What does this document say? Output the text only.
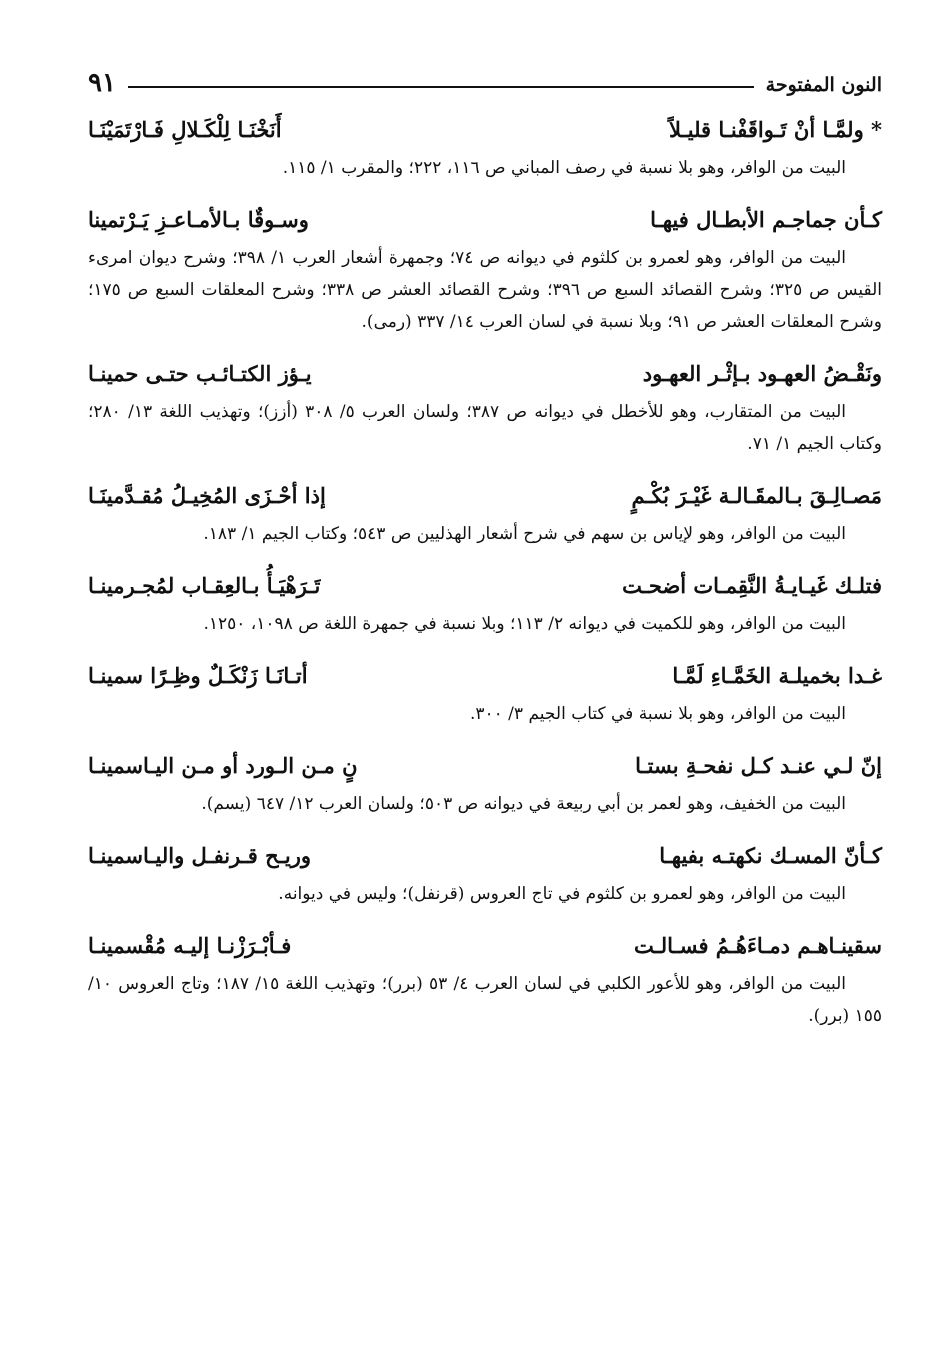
النون المفتوحة
٩١
* ولمَّـا أنْ تَـواقَفْنـا قليـلاً
أَنَخْنَـا لِلْكَـلالِ فَـارْتَمَيْنَـا
البيت من الوافر، وهو بلا نسبة في رصف المباني ص ١١٦، ٢٢٢؛ والمقرب ١/ ١١٥.
كـأن جماجـم الأبطـال فيهـا
وسـوقٌا بـالأمـاعـزِ يَـرْتمينا
البيت من الوافر، وهو لعمرو بن كلثوم في ديوانه ص ٧٤؛ وجمهرة أشعار العرب ١/ ٣٩٨؛ وشرح ديوان امرىء القيس ص ٣٢٥؛ وشرح القصائد السبع ص ٣٩٦؛ وشرح القصائد العشر ص ٣٣٨؛ وشرح المعلقات السبع ص ١٧٥؛ وشرح المعلقات العشر ص ٩١؛ وبلا نسبة في لسان العرب ١٤/ ٣٣٧ (رمى).
ونَقْـضُ العهـود بـإثْـر العهـود
يـؤز الكتـائـب حتـى حمينـا
البيت من المتقارب، وهو للأخطل في ديوانه ص ٣٨٧؛ ولسان العرب ٥/ ٣٠٨ (أزز)؛ وتهذيب اللغة ١٣/ ٢٨٠؛ وكتاب الجيم ١/ ٧١.
مَصـالِـقَ بـالمقَـالـة غَيْـرَ بُكْـمٍ
إذا أحْـزَى المُخِيـلُ مُقـدَّمينَـا
البيت من الوافر، وهو لإياس بن سهم في شرح أشعار الهذليين ص ٥٤٣؛ وكتاب الجيم ١/ ١٨٣.
فتلـك غَيـايـةُ النَّقِمـات أضحـت
تَـرَهْيَـأُ بـالعِقـاب لمُجـرمينـا
البيت من الوافر، وهو للكميت في ديوانه ٢/ ١١٣؛ وبلا نسبة في جمهرة اللغة ص ١٠٩٨، ١٢٥٠.
غـدا بخميلـة الخَمَّـاءِ لَمَّـا
أتـانَـا زَنْكَـلٌ وظِـرًا سمينـا
البيت من الوافر، وهو بلا نسبة في كتاب الجيم ٣/ ٣٠٠.
إنّ لـي عنـد كـل نفحـةِ بستـا
نٍ مـن الـورد أو مـن اليـاسمينـا
البيت من الخفيف، وهو لعمر بن أبي ربيعة في ديوانه ص ٥٠٣؛ ولسان العرب ١٢/ ٦٤٧ (يسم).
كـأنّ المسـك نكهتـه بفيهـا
وريـح قـرنفـل واليـاسمينـا
البيت من الوافر، وهو لعمرو بن كلثوم في تاج العروس (قرنفل)؛ وليس في ديوانه.
سقينـاهـم دمـاءَهُـمُ فسـالـت
فـأبْـرَزْنـا إليـه مُقْسمينـا
البيت من الوافر، وهو للأعور الكلبي في لسان العرب ٤/ ٥٣ (برر)؛ وتهذيب اللغة ١٥/ ١٨٧؛ وتاج العروس ١٠/ ١٥٥ (برر).
